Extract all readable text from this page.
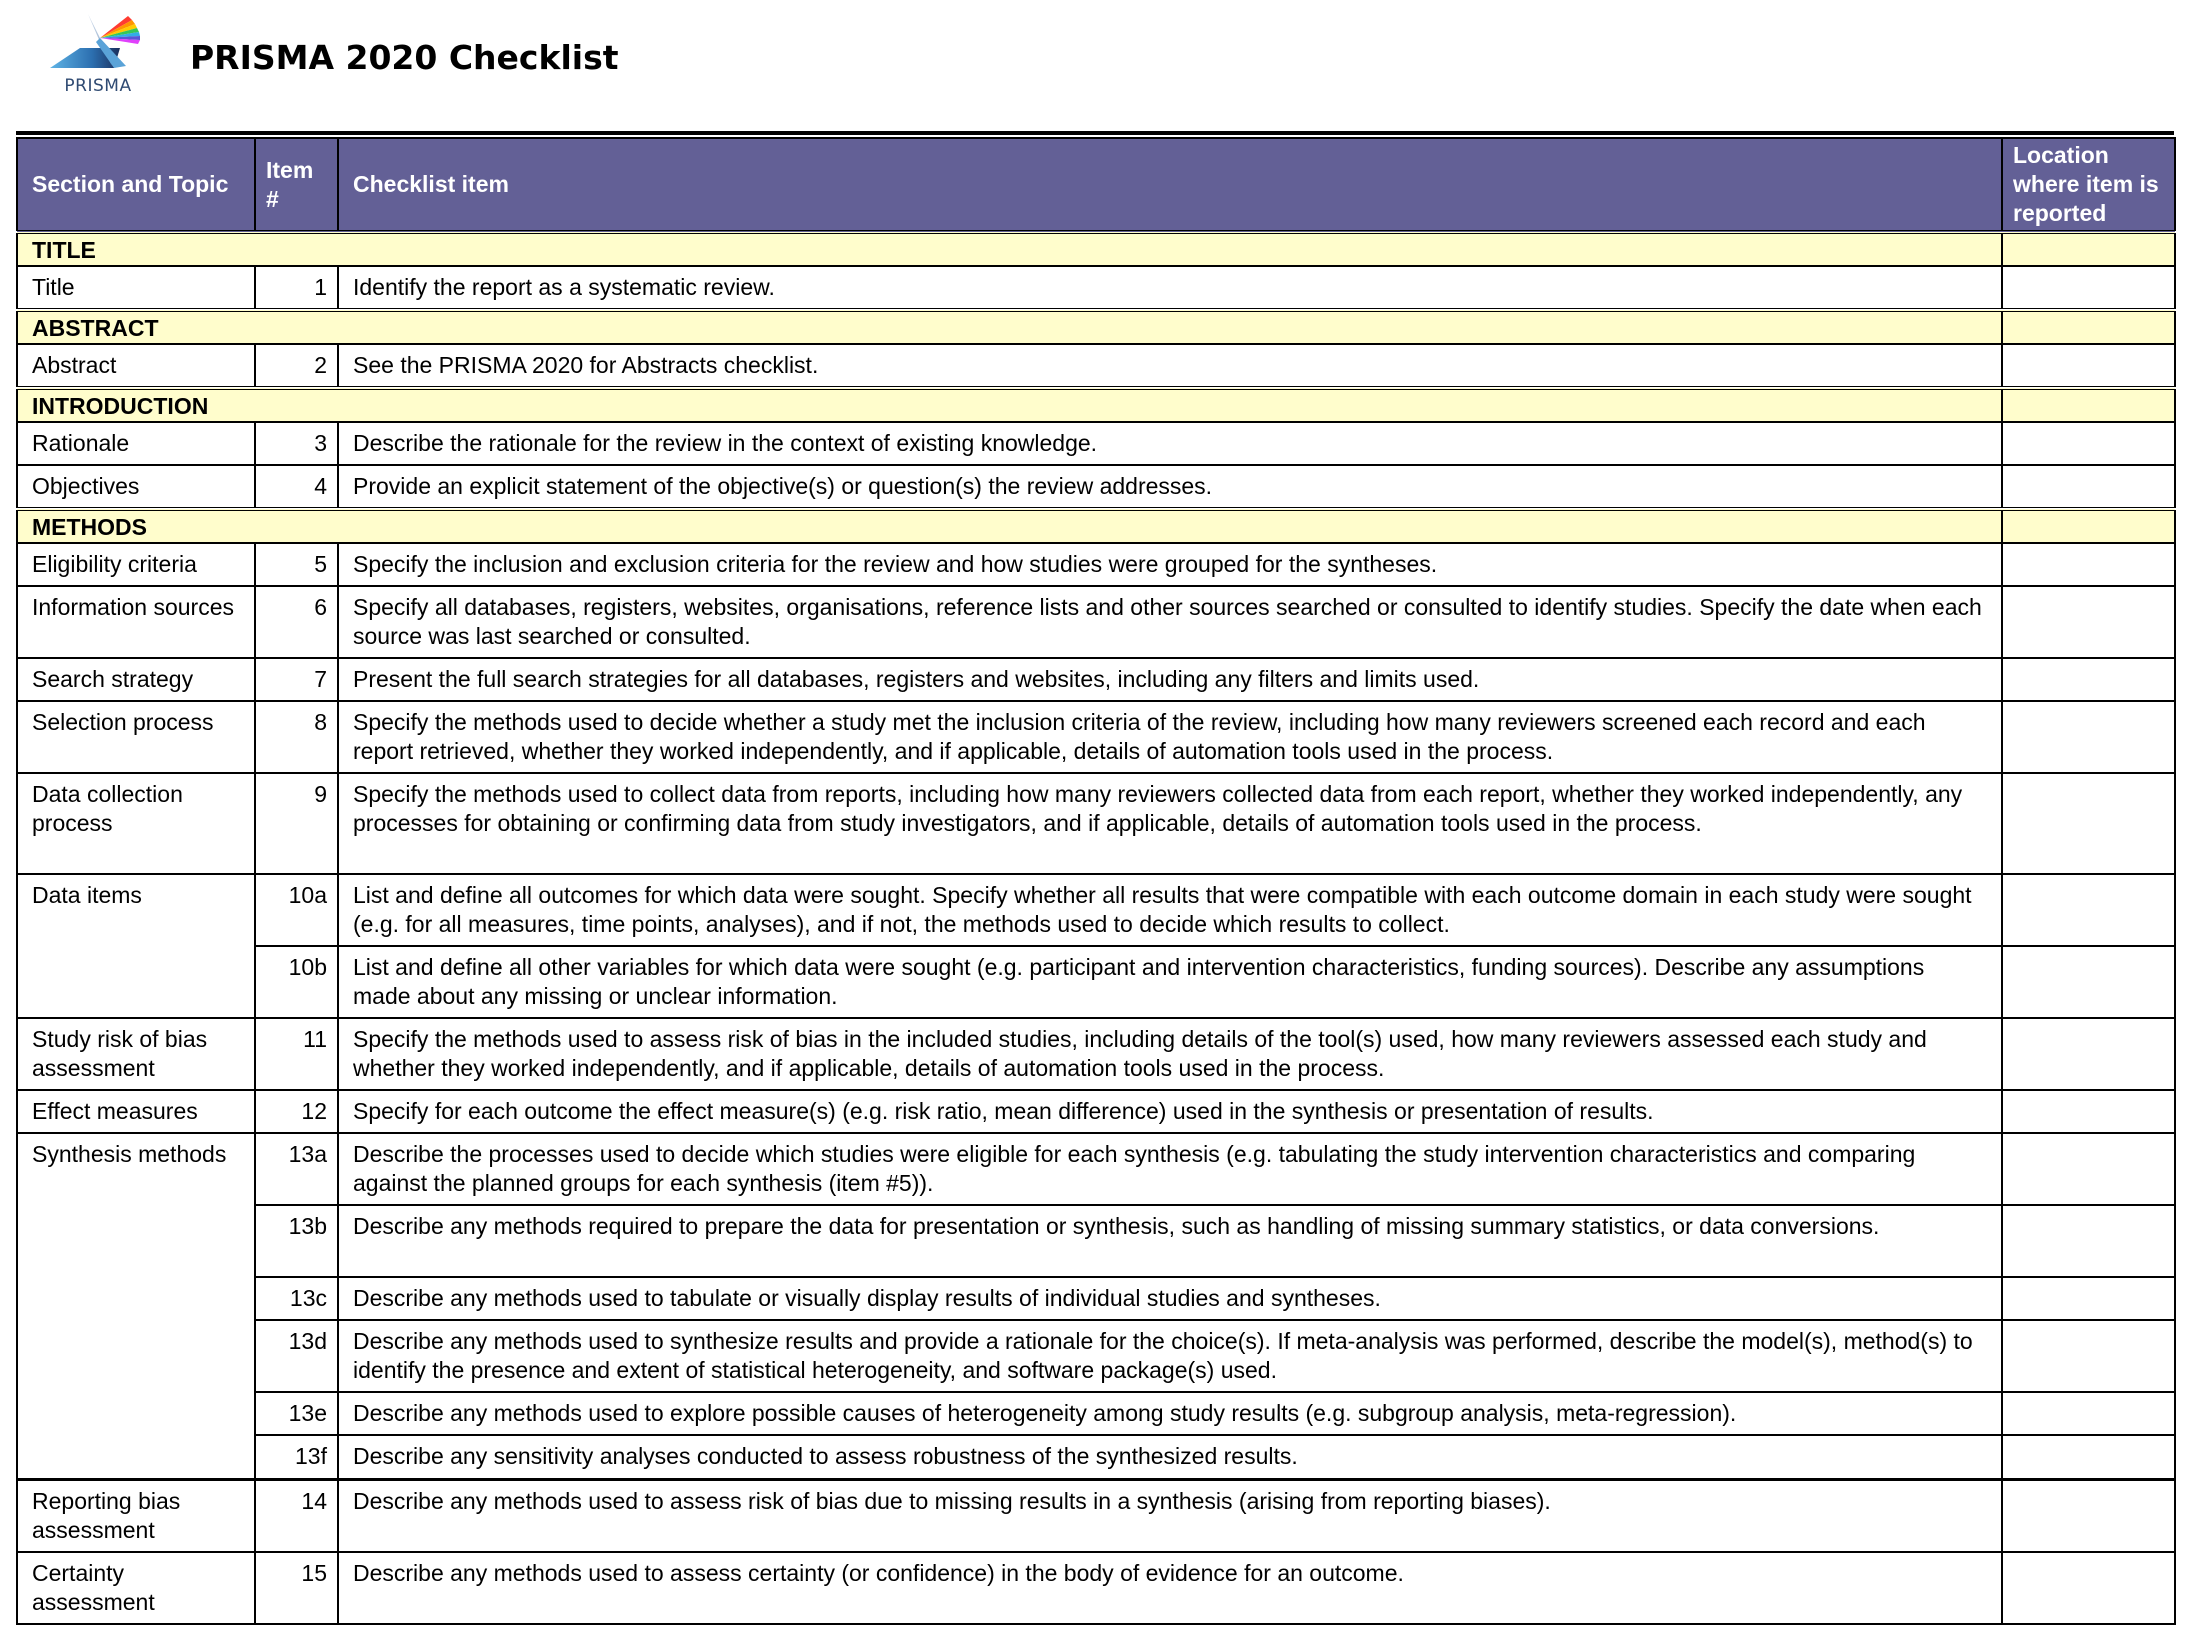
PRISMA
PRISMA 2020 Checklist
Section and Topic	Item #	Checklist item	Location where item is reported
TITLE			
Title	1	Identify the report as a systematic review.	
ABSTRACT			
Abstract	2	See the PRISMA 2020 for Abstracts checklist.	
INTRODUCTION			
Rationale	3	Describe the rationale for the review in the context of existing knowledge.	
Objectives	4	Provide an explicit statement of the objective(s) or question(s) the review addresses.	
METHODS			
Eligibility criteria	5	Specify the inclusion and exclusion criteria for the review and how studies were grouped for the syntheses.	
Information sources	6	Specify all databases, registers, websites, organisations, reference lists and other sources searched or consulted to identify studies. Specify the date when each source was last searched or consulted.	
Search strategy	7	Present the full search strategies for all databases, registers and websites, including any filters and limits used.	
Selection process	8	Specify the methods used to decide whether a study met the inclusion criteria of the review, including how many reviewers screened each record and each report retrieved, whether they worked independently, and if applicable, details of automation tools used in the process.	
Data collection process	9	Specify the methods used to collect data from reports, including how many reviewers collected data from each report, whether they worked independently, any processes for obtaining or confirming data from study investigators, and if applicable, details of automation tools used in the process.	
Data items	10a	List and define all outcomes for which data were sought. Specify whether all results that were compatible with each outcome domain in each study were sought (e.g. for all measures, time points, analyses), and if not, the methods used to decide which results to collect.	
	10b	List and define all other variables for which data were sought (e.g. participant and intervention characteristics, funding sources). Describe any assumptions made about any missing or unclear information.	
Study risk of bias assessment	11	Specify the methods used to assess risk of bias in the included studies, including details of the tool(s) used, how many reviewers assessed each study and whether they worked independently, and if applicable, details of automation tools used in the process.	
Effect measures	12	Specify for each outcome the effect measure(s) (e.g. risk ratio, mean difference) used in the synthesis or presentation of results.	
Synthesis methods	13a	Describe the processes used to decide which studies were eligible for each synthesis (e.g. tabulating the study intervention characteristics and comparing against the planned groups for each synthesis (item #5)).	
	13b	Describe any methods required to prepare the data for presentation or synthesis, such as handling of missing summary statistics, or data conversions.	
	13c	Describe any methods used to tabulate or visually display results of individual studies and syntheses.	
	13d	Describe any methods used to synthesize results and provide a rationale for the choice(s). If meta-analysis was performed, describe the model(s), method(s) to identify the presence and extent of statistical heterogeneity, and software package(s) used.	
	13e	Describe any methods used to explore possible causes of heterogeneity among study results (e.g. subgroup analysis, meta-regression).	
	13f	Describe any sensitivity analyses conducted to assess robustness of the synthesized results.	
Reporting bias assessment	14	Describe any methods used to assess risk of bias due to missing results in a synthesis (arising from reporting biases).	
Certainty assessment	15	Describe any methods used to assess certainty (or confidence) in the body of evidence for an outcome.	
